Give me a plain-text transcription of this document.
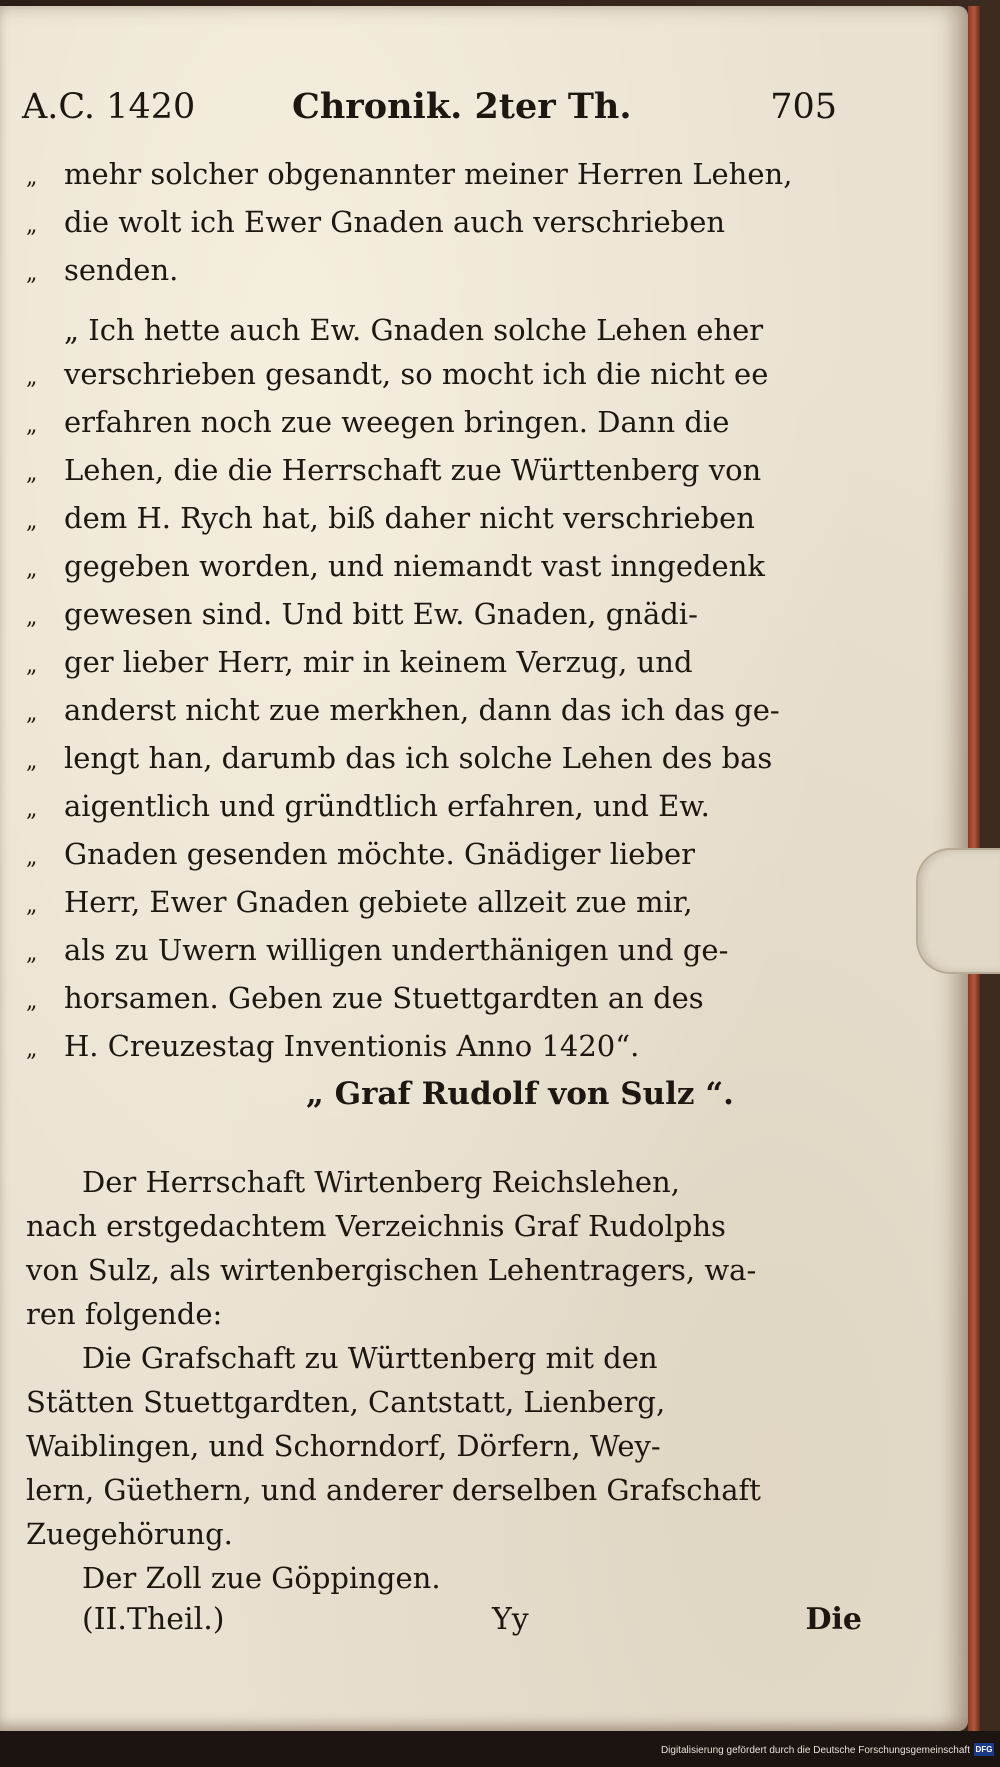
A.C. 1420	Chronik. 2ter Th.	705
„ mehr solcher obgenannter meiner Herren Lehen,
„ die wolt ich Ewer Gnaden auch verschrieben
„ senden.
„ Ich hette auch Ew. Gnaden solche Lehen eher
„ verschrieben gesandt, so mocht ich die nicht ee
„ erfahren noch zue weegen bringen. Dann die
„ Lehen, die die Herrschaft zue Württenberg von
„ dem H. Rych hat, biß daher nicht verschrieben
„ gegeben worden, und niemandt vast inngedenk
„ gewesen sind. Und bitt Ew. Gnaden, gnädi-
„ ger lieber Herr, mir in keinem Verzug, und
„ anderst nicht zue merkhen, dann das ich das ge-
„ lengt han, darumb das ich solche Lehen des bas
„ aigentlich und gründtlich erfahren, und Ew.
„ Gnaden gesenden möchte. Gnädiger lieber
„ Herr, Ewer Gnaden gebiete allzeit zue mir,
„ als zu Uwern willigen underthänigen und ge-
„ horsamen. Geben zue Stuettgardten an des
„ H. Creuzestag Inventionis Anno 1420“.
„ Graf Rudolf von Sulz “.
Der Herrschaft Wirtenberg Reichslehen,
nach erstgedachtem Verzeichnis Graf Rudolphs
von Sulz, als wirtenbergischen Lehentragers, wa-
ren folgende:
Die Grafschaft zu Württenberg mit den
Stätten Stuettgardten, Cantstatt, Lienberg,
Waiblingen, und Schorndorf, Dörfern, Wey-
lern, Güethern, und anderer derselben Grafschaft
Zuegehörung.
Der Zoll zue Göppingen.
(II.Theil.)	Yy	Die
Digitalisierung gefördert durch die Deutsche Forschungsgemeinschaft DFG
